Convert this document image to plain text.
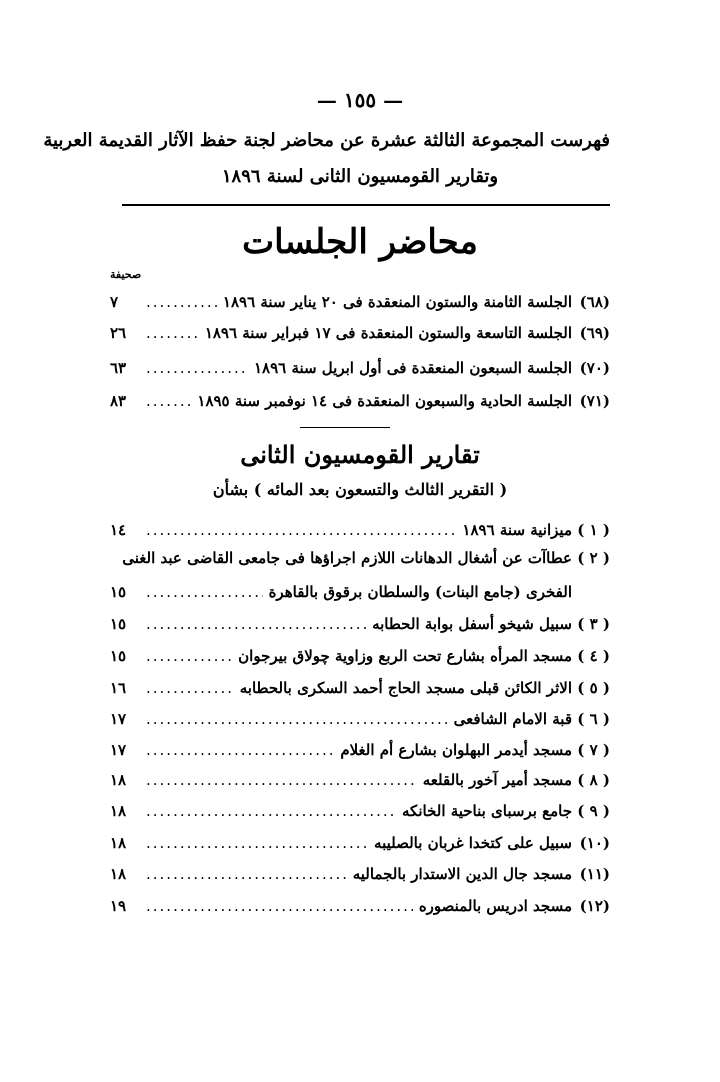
— ١٥٥ —
فهرست المجموعة الثالثة عشرة عن محاضر لجنة حفظ الآثار القديمة العربية
وتقارير القومسيون الثانى لسنة ١٨٩٦
محاضر الجلسات
صحيفة
(٦٨)
الجلسة الثامنة والستون المنعقدة فى ٢٠ يناير سنة ١٨٩٦
.....
٧
(٦٩)
الجلسة التاسعة والستون المنعقدة فى ١٧ فبراير سنة ١٨٩٦
.....
٢٦
(٧٠)
الجلسة السبعون المنعقدة فى أول ابريل سنة ١٨٩٦
.....
٦٣
(٧١)
الجلسة الحادية والسبعون المنعقدة فى ١٤ نوفمبر سنة ١٨٩٥
.....
٨٣
تقارير القومسيون الثانى
( التقرير الثالث والتسعون بعد المائه ) بشأن
( ١ )
ميزانية سنة ١٨٩٦
.....
١٤
( ٢ )
عطاآت عن أشغال الدهانات اللازم اجراؤها فى جامعى القاضى عبد الغنى
الفخرى (جامع البنات) والسلطان برقوق بالقاهرة
.....
١٥
( ٣ )
سبيل شيخو أسفل بوابة الحطابه
.....
١٥
( ٤ )
مسجد المرأه بشارع تحت الربع وزاوية چولاق بيرجوان
.....
١٥
( ٥ )
الاثر الكائن قبلى مسجد الحاج أحمد السكرى بالحطابه
.....
١٦
( ٦ )
قبة الامام الشافعى
.....
١٧
( ٧ )
مسجد أيدمر البهلوان بشارع أم الغلام
.....
١٧
( ٨ )
مسجد أمير آخور بالقلعه
.....
١٨
( ٩ )
جامع برسباى بناحية الخانكه
.....
١٨
(١٠)
سبيل على كتخدا غربان بالصليبه
.....
١٨
(١١)
مسجد جال الدين الاستدار بالجماليه
.....
١٨
(١٢)
مسجد ادريس بالمنصوره
.....
١٩
